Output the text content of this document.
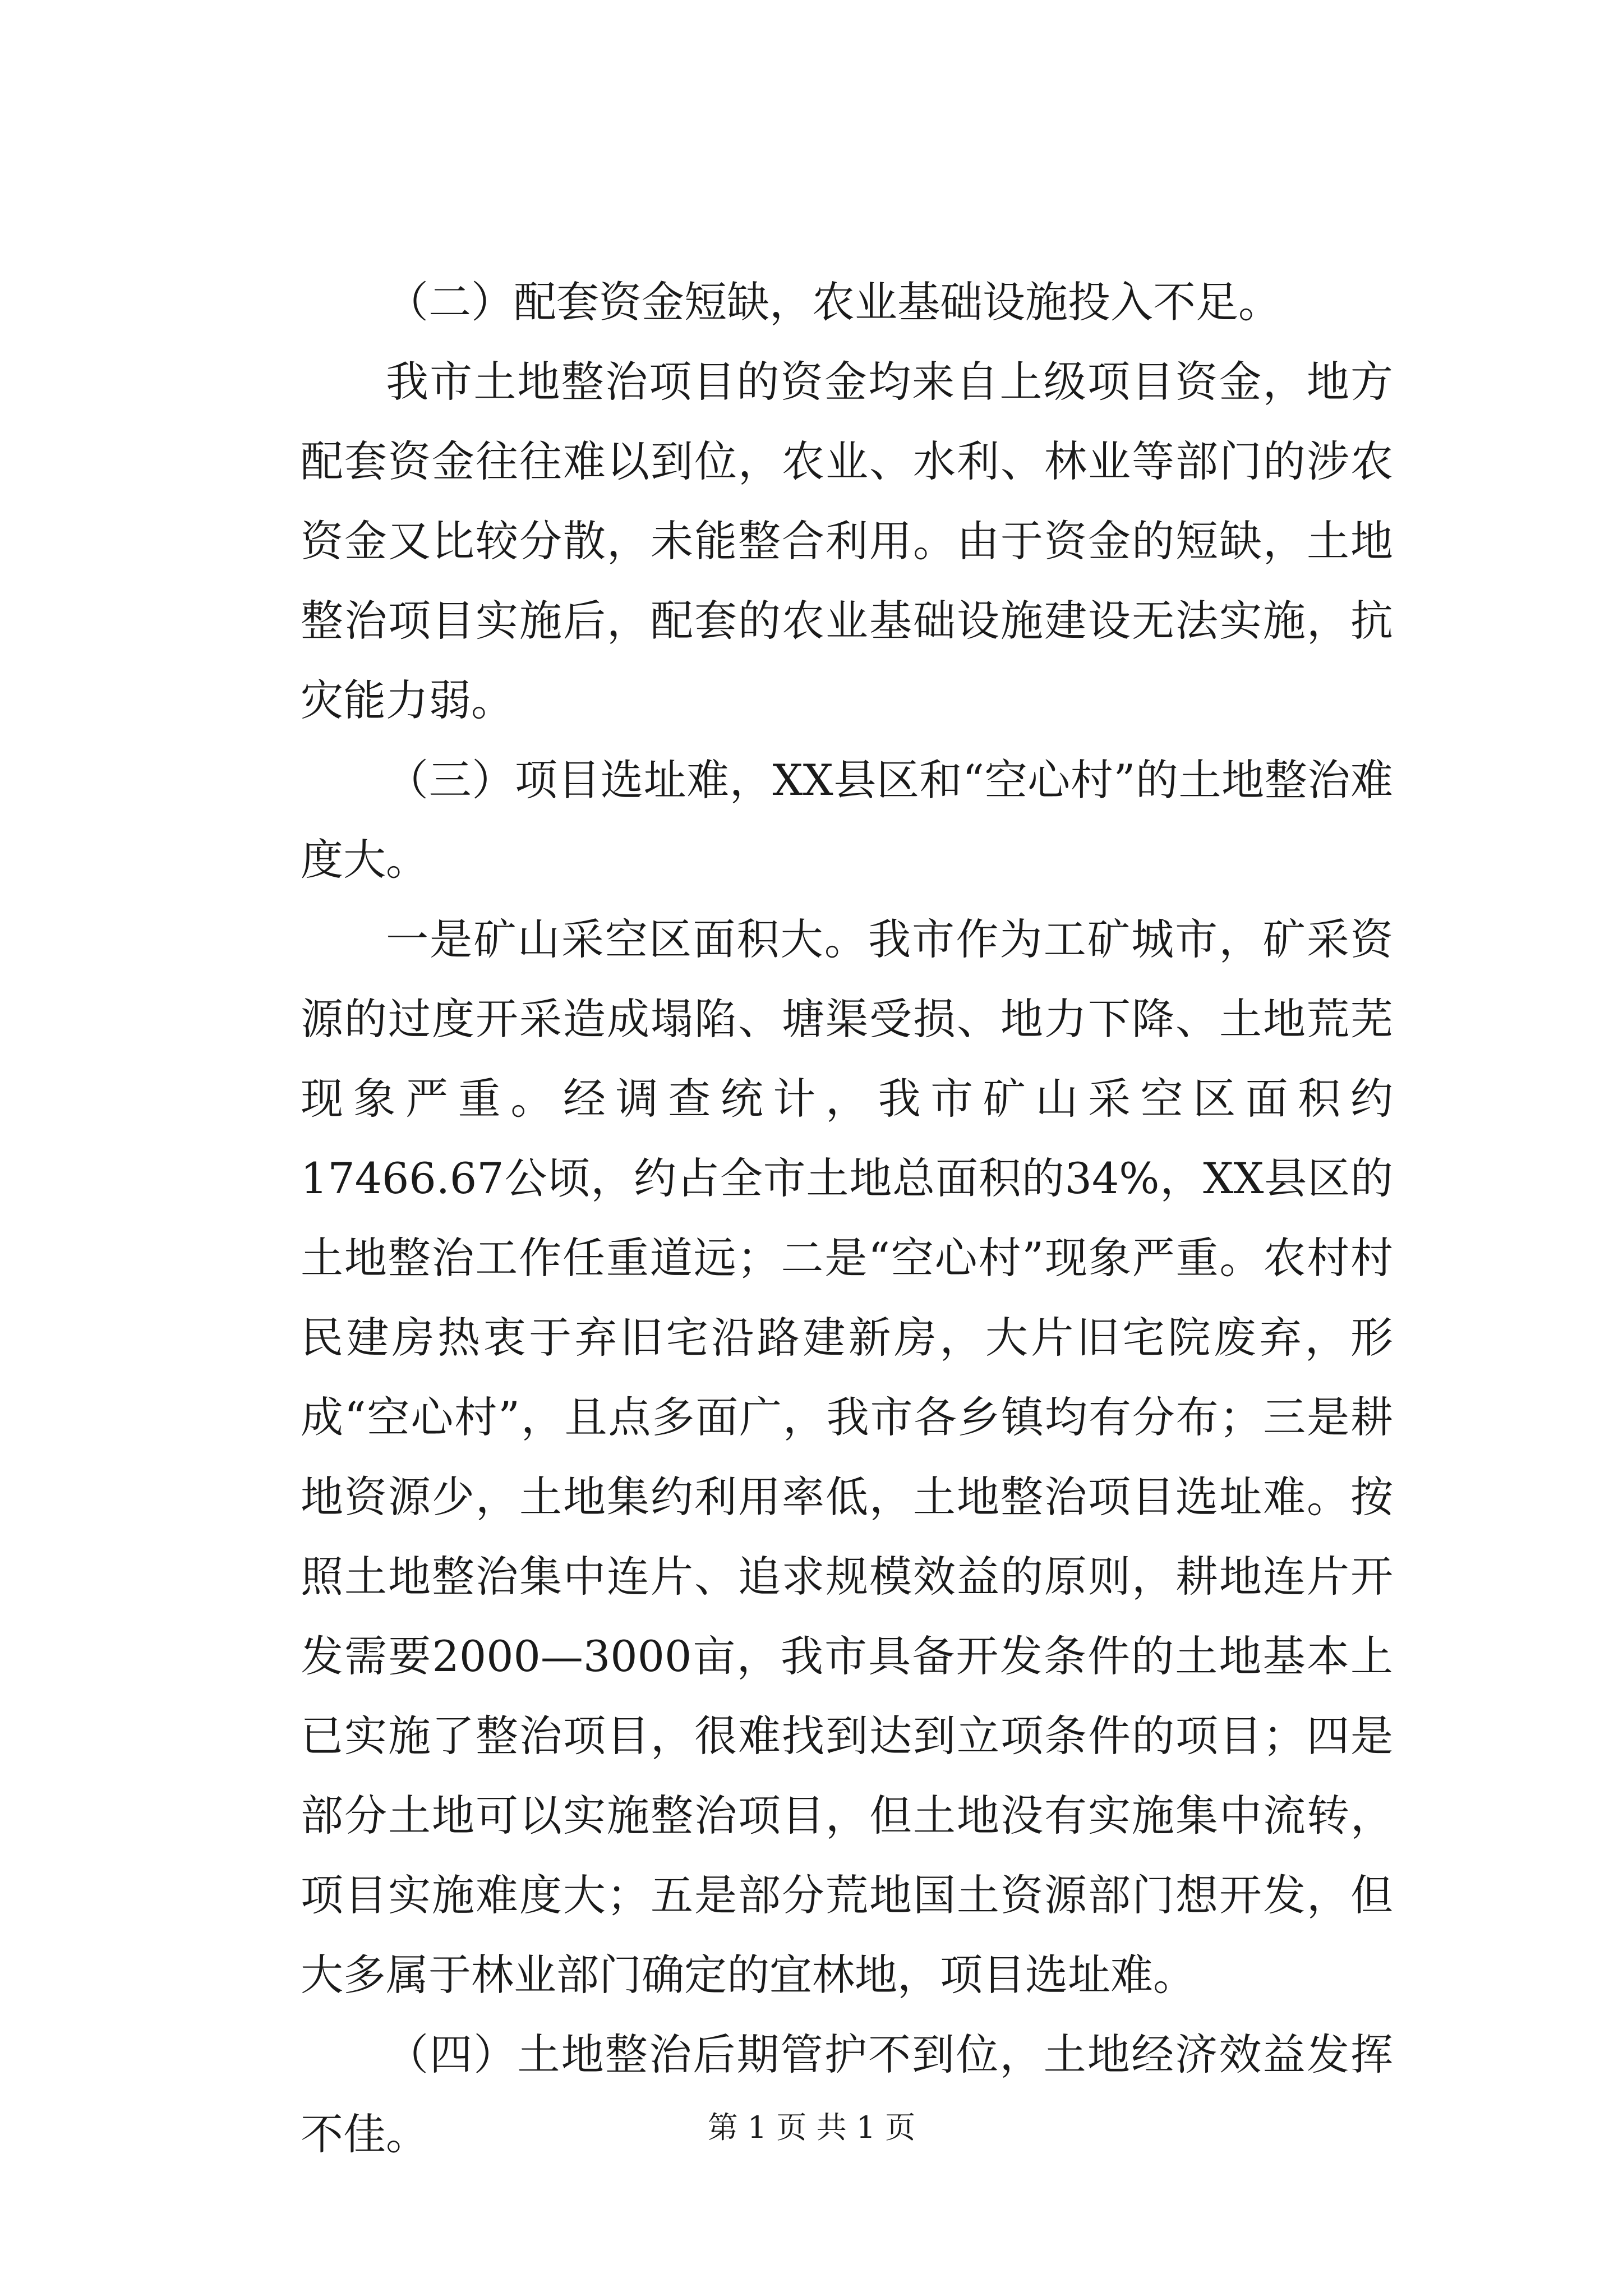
（二）配套资金短缺，农业基础设施投入不足。

我市土地整治项目的资金均来自上级项目资金，地方配套资金往往难以到位，农业、水利、林业等部门的涉农资金又比较分散，未能整合利用。由于资金的短缺，土地整治项目实施后，配套的农业基础设施建设无法实施，抗灾能力弱。

（三）项目选址难，XX县区和“空心村”的土地整治难度大。

一是矿山采空区面积大。我市作为工矿城市，矿采资源的过度开采造成塌陷、塘渠受损、地力下降、土地荒芜现象严重。经调查统计，我市矿山采空区面积约17466.67公顷，约占全市土地总面积的34%，XX县区的土地整治工作任重道远；二是“空心村”现象严重。农村村民建房热衷于弃旧宅沿路建新房，大片旧宅院废弃，形成“空心村”，且点多面广，我市各乡镇均有分布；三是耕地资源少，土地集约利用率低，土地整治项目选址难。按照土地整治集中连片、追求规模效益的原则，耕地连片开发需要2000—3000亩，我市具备开发条件的土地基本上已实施了整治项目，很难找到达到立项条件的项目；四是部分土地可以实施整治项目，但土地没有实施集中流转，项目实施难度大；五是部分荒地国土资源部门想开发，但大多属于林业部门确定的宜林地，项目选址难。

（四）土地整治后期管护不到位，土地经济效益发挥不佳。	第 1 页 共 1 页
